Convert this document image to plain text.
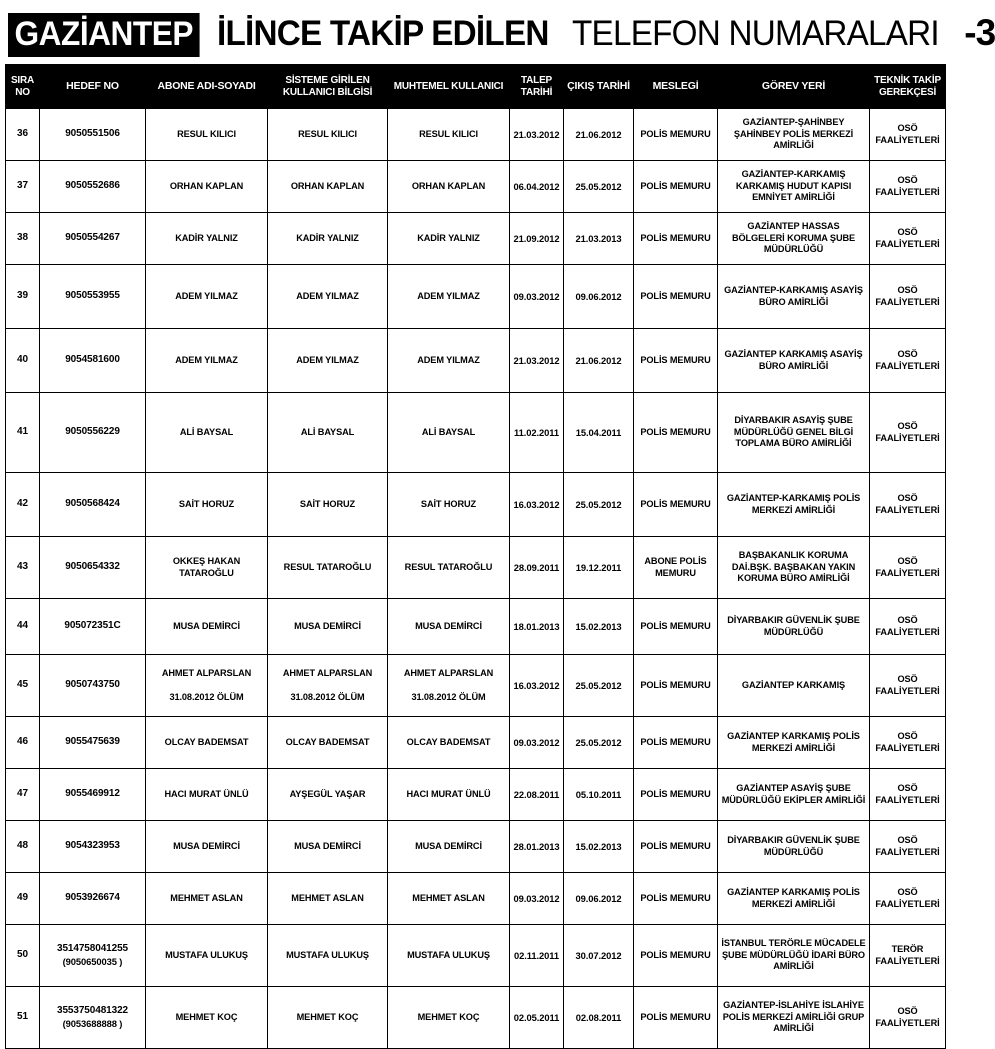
GAZİANTEP İLİNCE TAKİP EDİLEN TELEFON NUMARALARI -3
SIRA
NO	HEDEF NO	ABONE ADI-SOYADI	SİSTEME GİRİLEN
KULLANICI BİLGİSİ	MUHTEMEL KULLANICI	TALEP
TARİHİ	ÇIKIŞ TARİHİ	MESLEGİ	GÖREV YERİ	TEKNİK TAKİP
GEREKÇESİ
36	9050551506	RESUL KILICI	RESUL KILICI	RESUL KILICI	21.03.2012	21.06.2012	POLİS MEMURU	GAZİANTEP-ŞAHİNBEY ŞAHİNBEY POLİS MERKEZİ AMİRLİĞİ	OSÖ FAALİYETLERİ
37	9050552686	ORHAN KAPLAN	ORHAN KAPLAN	ORHAN KAPLAN	06.04.2012	25.05.2012	POLİS MEMURU	GAZİANTEP-KARKAMIŞ KARKAMIŞ HUDUT KAPISI EMNİYET AMİRLİĞİ	OSÖ FAALİYETLERİ
38	9050554267	KADİR YALNIZ	KADİR YALNIZ	KADİR YALNIZ	21.09.2012	21.03.2013	POLİS MEMURU	GAZİANTEP HASSAS BÖLGELERİ KORUMA ŞUBE MÜDÜRLÜĞÜ	OSÖ FAALİYETLERİ
39	9050553955	ADEM YILMAZ	ADEM YILMAZ	ADEM YILMAZ	09.03.2012	09.06.2012	POLİS MEMURU	GAZİANTEP-KARKAMIŞ ASAYİŞ BÜRO AMİRLİĞİ	OSÖ FAALİYETLERİ
40	9054581600	ADEM YILMAZ	ADEM YILMAZ	ADEM YILMAZ	21.03.2012	21.06.2012	POLİS MEMURU	GAZİANTEP KARKAMIŞ ASAYİŞ BÜRO AMİRLİĞİ	OSÖ FAALİYETLERİ
41	9050556229	ALİ BAYSAL	ALİ BAYSAL	ALİ BAYSAL	11.02.2011	15.04.2011	POLİS MEMURU	DİYARBAKIR ASAYİŞ ŞUBE MÜDÜRLÜĞÜ GENEL BİLGİ TOPLAMA BÜRO AMİRLİĞİ	OSÖ FAALİYETLERİ
42	9050568424	SAİT HORUZ	SAİT HORUZ	SAİT HORUZ	16.03.2012	25.05.2012	POLİS MEMURU	GAZİANTEP-KARKAMIŞ POLİS MERKEZİ AMİRLİĞİ	OSÖ FAALİYETLERİ
43	9050654332	OKKEŞ HAKAN TATAROĞLU	RESUL TATAROĞLU	RESUL TATAROĞLU	28.09.2011	19.12.2011	ABONE POLİS MEMURU	BAŞBAKANLIK KORUMA DAİ.BŞK. BAŞBAKAN YAKIN KORUMA BÜRO AMİRLİĞİ	OSÖ FAALİYETLERİ
44	905072351C	MUSA DEMİRCİ	MUSA DEMİRCİ	MUSA DEMİRCİ	18.01.2013	15.02.2013	POLİS MEMURU	DİYARBAKIR GÜVENLİK ŞUBE MÜDÜRLÜĞÜ	OSÖ FAALİYETLERİ
45	9050743750	AHMET ALPARSLAN
31.08.2012 ÖLÜM	AHMET ALPARSLAN
31.08.2012 ÖLÜM	AHMET ALPARSLAN
31.08.2012 ÖLÜM	16.03.2012	25.05.2012	POLİS MEMURU	GAZİANTEP KARKAMIŞ	OSÖ FAALİYETLERİ
46	9055475639	OLCAY BADEMSAT	OLCAY BADEMSAT	OLCAY BADEMSAT	09.03.2012	25.05.2012	POLİS MEMURU	GAZİANTEP KARKAMIŞ POLİS MERKEZİ AMİRLİĞİ	OSÖ FAALİYETLERİ
47	9055469912	HACI MURAT ÜNLÜ	AYŞEGÜL YAŞAR	HACI MURAT ÜNLÜ	22.08.2011	05.10.2011	POLİS MEMURU	GAZİANTEP ASAYİŞ ŞUBE MÜDÜRLÜĞÜ EKİPLER AMİRLİĞİ	OSÖ FAALİYETLERİ
48	9054323953	MUSA DEMİRCİ	MUSA DEMİRCİ	MUSA DEMİRCİ	28.01.2013	15.02.2013	POLİS MEMURU	DİYARBAKIR GÜVENLİK ŞUBE MÜDÜRLÜĞÜ	OSÖ FAALİYETLERİ
49	9053926674	MEHMET ASLAN	MEHMET ASLAN	MEHMET ASLAN	09.03.2012	09.06.2012	POLİS MEMURU	GAZİANTEP KARKAMIŞ POLİS MERKEZİ AMİRLİĞİ	OSÖ FAALİYETLERİ
50	3514758041255
(9050650035 )	MUSTAFA ULUKUŞ	MUSTAFA ULUKUŞ	MUSTAFA ULUKUŞ	02.11.2011	30.07.2012	POLİS MEMURU	İSTANBUL TERÖRLE MÜCADELE ŞUBE MÜDÜRLÜĞÜ İDARİ BÜRO AMİRLİĞİ	TERÖR FAALİYETLERİ
51	3553750481322
(9053688888 )	MEHMET KOÇ	MEHMET KOÇ	MEHMET KOÇ	02.05.2011	02.08.2011	POLİS MEMURU	GAZİANTEP-İSLAHİYE İSLAHİYE POLİS MERKEZİ AMİRLİĞİ GRUP AMİRLİĞİ	OSÖ FAALİYETLERİ
